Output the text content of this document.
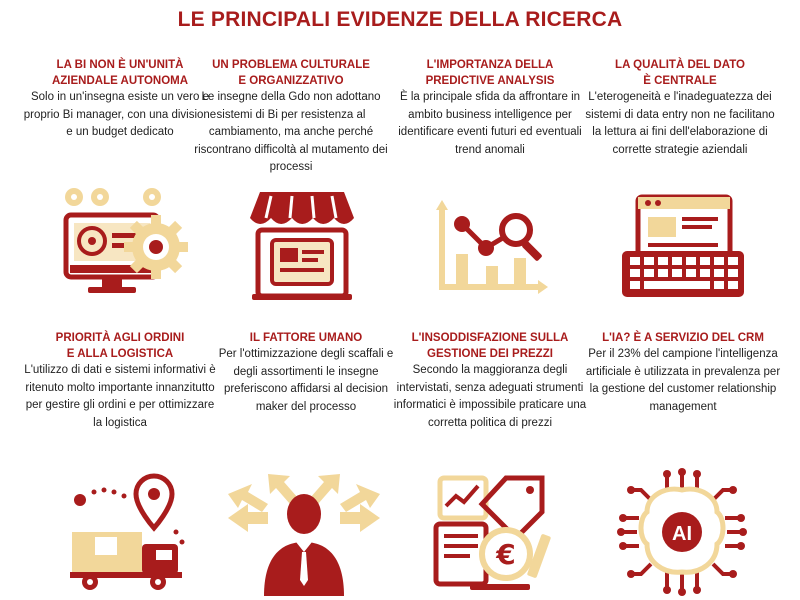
LE PRINCIPALI EVIDENZE DELLA RICERCA
LA BI NON È UN'UNITÀ
AZIENDALE AUTONOMA
Solo in un'insegna esiste un vero e proprio Bi manager, con una divisione e un budget dedicato
UN PROBLEMA CULTURALE
E ORGANIZZATIVO
Le insegne della Gdo non adottano sistemi di Bi per resistenza al cambiamento, ma anche perché riscontrano difficoltà al mutamento dei processi
L'IMPORTANZA DELLA
PREDICTIVE ANALYSIS
È la principale sfida da affrontare in ambito business intelligence per identificare eventi futuri ed eventuali trend anomali
LA QUALITÀ DEL DATO
È CENTRALE
L'eterogeneità e l'inadeguatezza dei sistemi di data entry non ne facilitano la lettura ai fini dell'elaborazione di corrette strategie aziendali
PRIORITÀ AGLI ORDINI
E ALLA LOGISTICA
L'utilizzo di dati e sistemi informativi è ritenuto molto importante innanzitutto per gestire gli ordini e per ottimizzare la logistica
IL FATTORE UMANO
Per l'ottimizzazione degli scaffali e degli assortimenti le insegne preferiscono affidarsi al decision maker del processo
L'INSODDISFAZIONE SULLA
GESTIONE DEI PREZZI
Secondo la maggioranza degli intervistati, senza adeguati strumenti informatici è impossibile praticare una corretta politica di prezzi
L'IA? È A SERVIZIO DEL CRM
Per il 23% del campione l'intelligenza artificiale è utilizzata in prevalenza per la gestione del customer relationship management
€
AI
